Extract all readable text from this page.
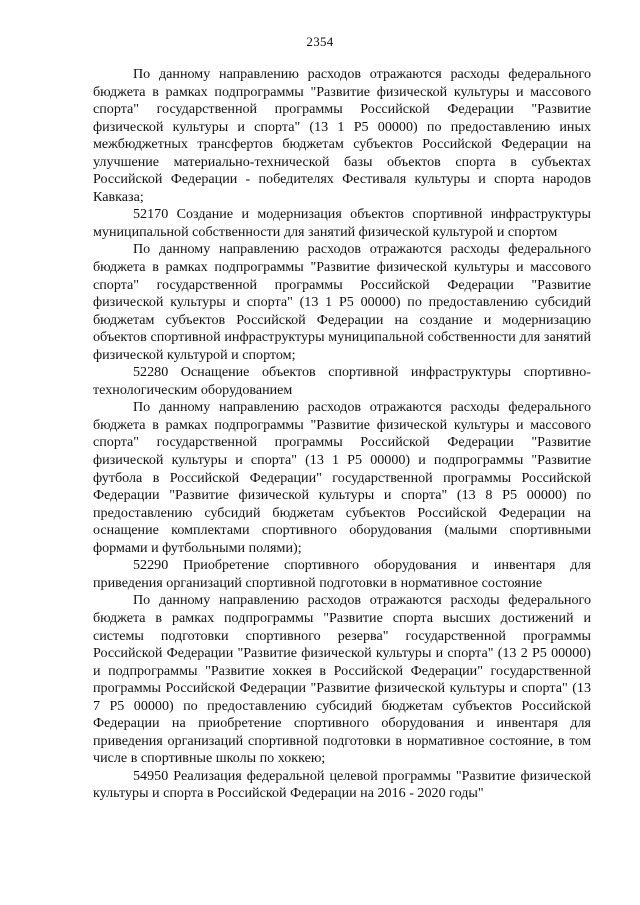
2354

По данному направлению расходов отражаются расходы федерального бюджета в рамках подпрограммы "Развитие физической культуры и массового спорта" государственной программы Российской Федерации "Развитие физической культуры и спорта" (13 1 P5 00000) по предоставлению иных межбюджетных трансфертов бюджетам субъектов Российской Федерации на улучшение материально-технической базы объектов спорта в субъектах Российской Федерации - победителях Фестиваля культуры и спорта народов Кавказа;

52170 Создание и модернизация объектов спортивной инфраструктуры муниципальной собственности для занятий физической культурой и спортом

По данному направлению расходов отражаются расходы федерального бюджета в рамках подпрограммы "Развитие физической культуры и массового спорта" государственной программы Российской Федерации "Развитие физической культуры и спорта" (13 1 P5 00000) по предоставлению субсидий бюджетам субъектов Российской Федерации на создание и модернизацию объектов спортивной инфраструктуры муниципальной собственности для занятий физической культурой и спортом;

52280 Оснащение объектов спортивной инфраструктуры спортивно-технологическим оборудованием

По данному направлению расходов отражаются расходы федерального бюджета в рамках подпрограммы "Развитие физической культуры и массового спорта" государственной программы Российской Федерации "Развитие физической культуры и спорта" (13 1 P5 00000) и подпрограммы "Развитие футбола в Российской Федерации" государственной программы Российской Федерации "Развитие физической культуры и спорта" (13 8 P5 00000) по предоставлению субсидий бюджетам субъектов Российской Федерации на оснащение комплектами спортивного оборудования (малыми спортивными формами и футбольными полями);

52290 Приобретение спортивного оборудования и инвентаря для приведения организаций спортивной подготовки в нормативное состояние

По данному направлению расходов отражаются расходы федерального бюджета в рамках подпрограммы "Развитие спорта высших достижений и системы подготовки спортивного резерва" государственной программы Российской Федерации "Развитие физической культуры и спорта" (13 2 P5 00000) и подпрограммы "Развитие хоккея в Российской Федерации" государственной программы Российской Федерации "Развитие физической культуры и спорта" (13 7 P5 00000) по предоставлению субсидий бюджетам субъектов Российской Федерации на приобретение спортивного оборудования и инвентаря для приведения организаций спортивной подготовки в нормативное состояние, в том числе в спортивные школы по хоккею;

54950 Реализация федеральной целевой программы "Развитие физической культуры и спорта в Российской Федерации на 2016 - 2020 годы"
